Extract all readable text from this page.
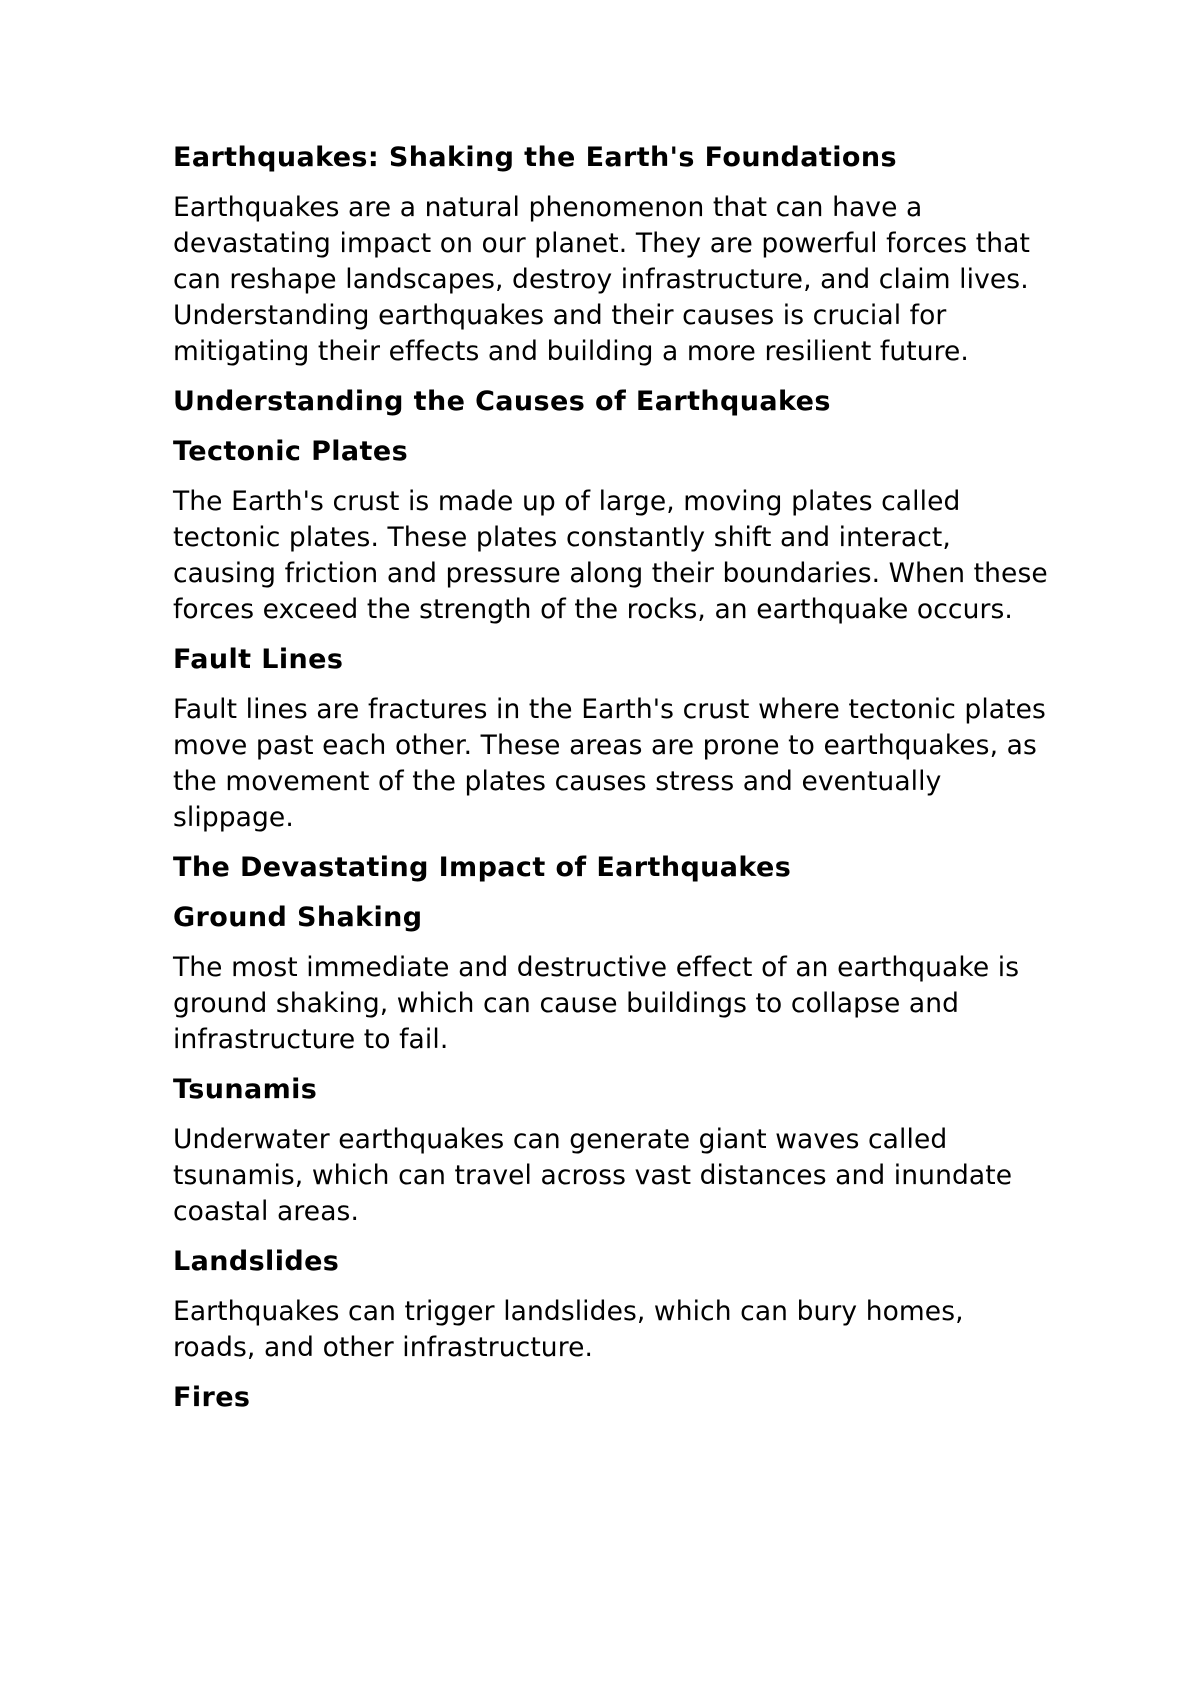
Earthquakes: Shaking the Earth's Foundations

Earthquakes are a natural phenomenon that can have a devastating impact on our planet. They are powerful forces that can reshape landscapes, destroy infrastructure, and claim lives. Understanding earthquakes and their causes is crucial for mitigating their effects and building a more resilient future.

Understanding the Causes of Earthquakes
Tectonic Plates

The Earth's crust is made up of large, moving plates called tectonic plates. These plates constantly shift and interact, causing friction and pressure along their boundaries. When these forces exceed the strength of the rocks, an earthquake occurs.

Fault Lines

Fault lines are fractures in the Earth's crust where tectonic plates move past each other. These areas are prone to earthquakes, as the movement of the plates causes stress and eventually slippage.

The Devastating Impact of Earthquakes
Ground Shaking

The most immediate and destructive effect of an earthquake is ground shaking, which can cause buildings to collapse and infrastructure to fail.

Tsunamis

Underwater earthquakes can generate giant waves called tsunamis, which can travel across vast distances and inundate coastal areas.

Landslides

Earthquakes can trigger landslides, which can bury homes, roads, and other infrastructure.

Fires
